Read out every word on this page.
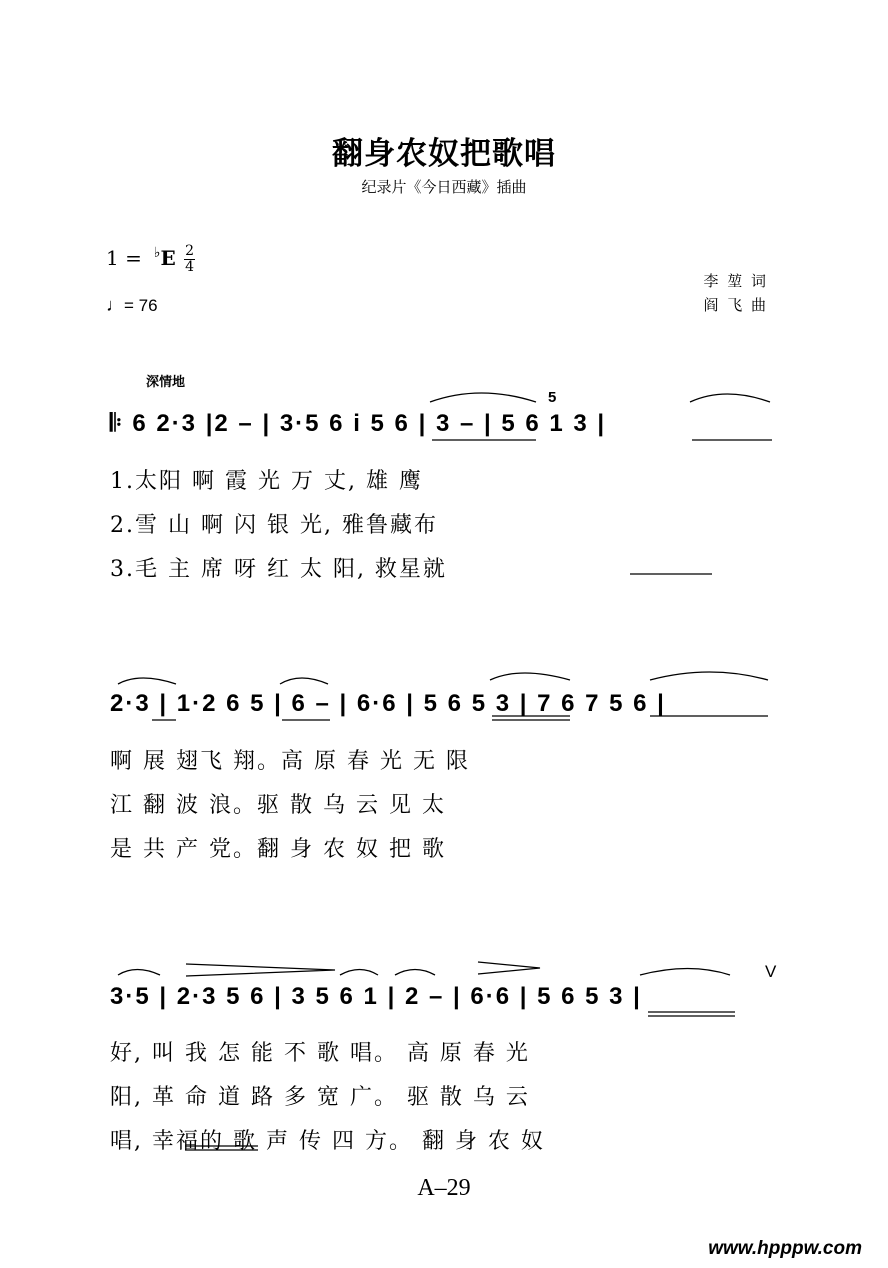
翻身农奴把歌唱
纪录片《今日西藏》插曲
$1 = ^♭E \frac{2}{4}$
♩= 76
李 堃 词
阎 飞 曲
深情地
𝄆 6 2·3 |2 – | 3·5 6 i 5 6 | 3 – | 5 6 1 3 |
5
1.太阳 啊 霞 光 万 丈, 雄 鹰
2.雪 山 啊 闪 银 光, 雅鲁藏布
3.毛 主 席 呀 红 太 阳, 救星就
2·3 | 1·2 6 5 | 6 – | 6·6 | 5 6 5 3 | 7 6 7 5 6 |
啊 展 翅飞 翔。高 原 春 光 无 限
江 翻 波 浪。驱 散 乌 云 见 太
是 共 产 党。翻 身 农 奴 把 歌
3·5 | 2·3 5 6 | 3 5 6 1 | 2 – | 6·6 | 5 6 5 3 |
V
好, 叫 我 怎 能 不 歌 唱。 高 原 春 光
阳, 革 命 道 路 多 宽 广。 驱 散 乌 云
唱, 幸福的 歌 声 传 四 方。 翻 身 农 奴
A–29
www.hpppw.com
